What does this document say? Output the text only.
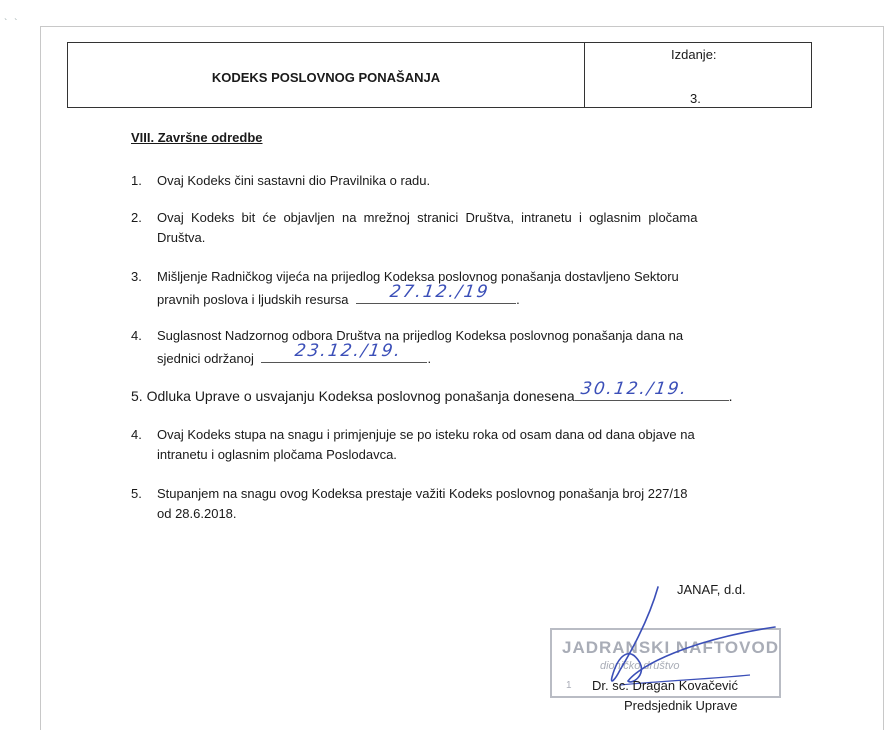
` `
KODEKS POSLOVNOG PONAŠANJA
Izdanje:
3.
VIII. Završne odredbe
1. Ovaj Kodeks čini sastavni dio Pravilnika o radu.
2. Ovaj  Kodeks  bit  će  objavljen  na  mrežnoj  stranici  Društva,  intranetu  i  oglasnim  pločama
Društva.
3. Mišljenje Radničkog vijeća na prijedlog Kodeksa poslovnog ponašanja dostavljeno Sektoru
pravnih poslova i ljudskih resursa 27.12./19 .
4. Suglasnost Nadzornog odbora Društva na prijedlog Kodeksa poslovnog ponašanja dana na
sjednici održanoj 23.12./19. .
5. Odluka Uprave o usvajanju Kodeksa poslovnog ponašanja donesena 30.12./19.	.
4. Ovaj Kodeks stupa na snagu i primjenjuje se po isteku roka od osam dana od dana objave na
intranetu i oglasnim pločama Poslodavca.
5. Stupanjem na snagu ovog Kodeksa prestaje važiti Kodeks poslovnog ponašanja broj 227/18
od 28.6.2018.
JANAF, d.d.
JADRANSKI NAFTOVOD
dioničko društvo
1 Dr. sc. Dragan Kovačević
Predsjednik Uprave
